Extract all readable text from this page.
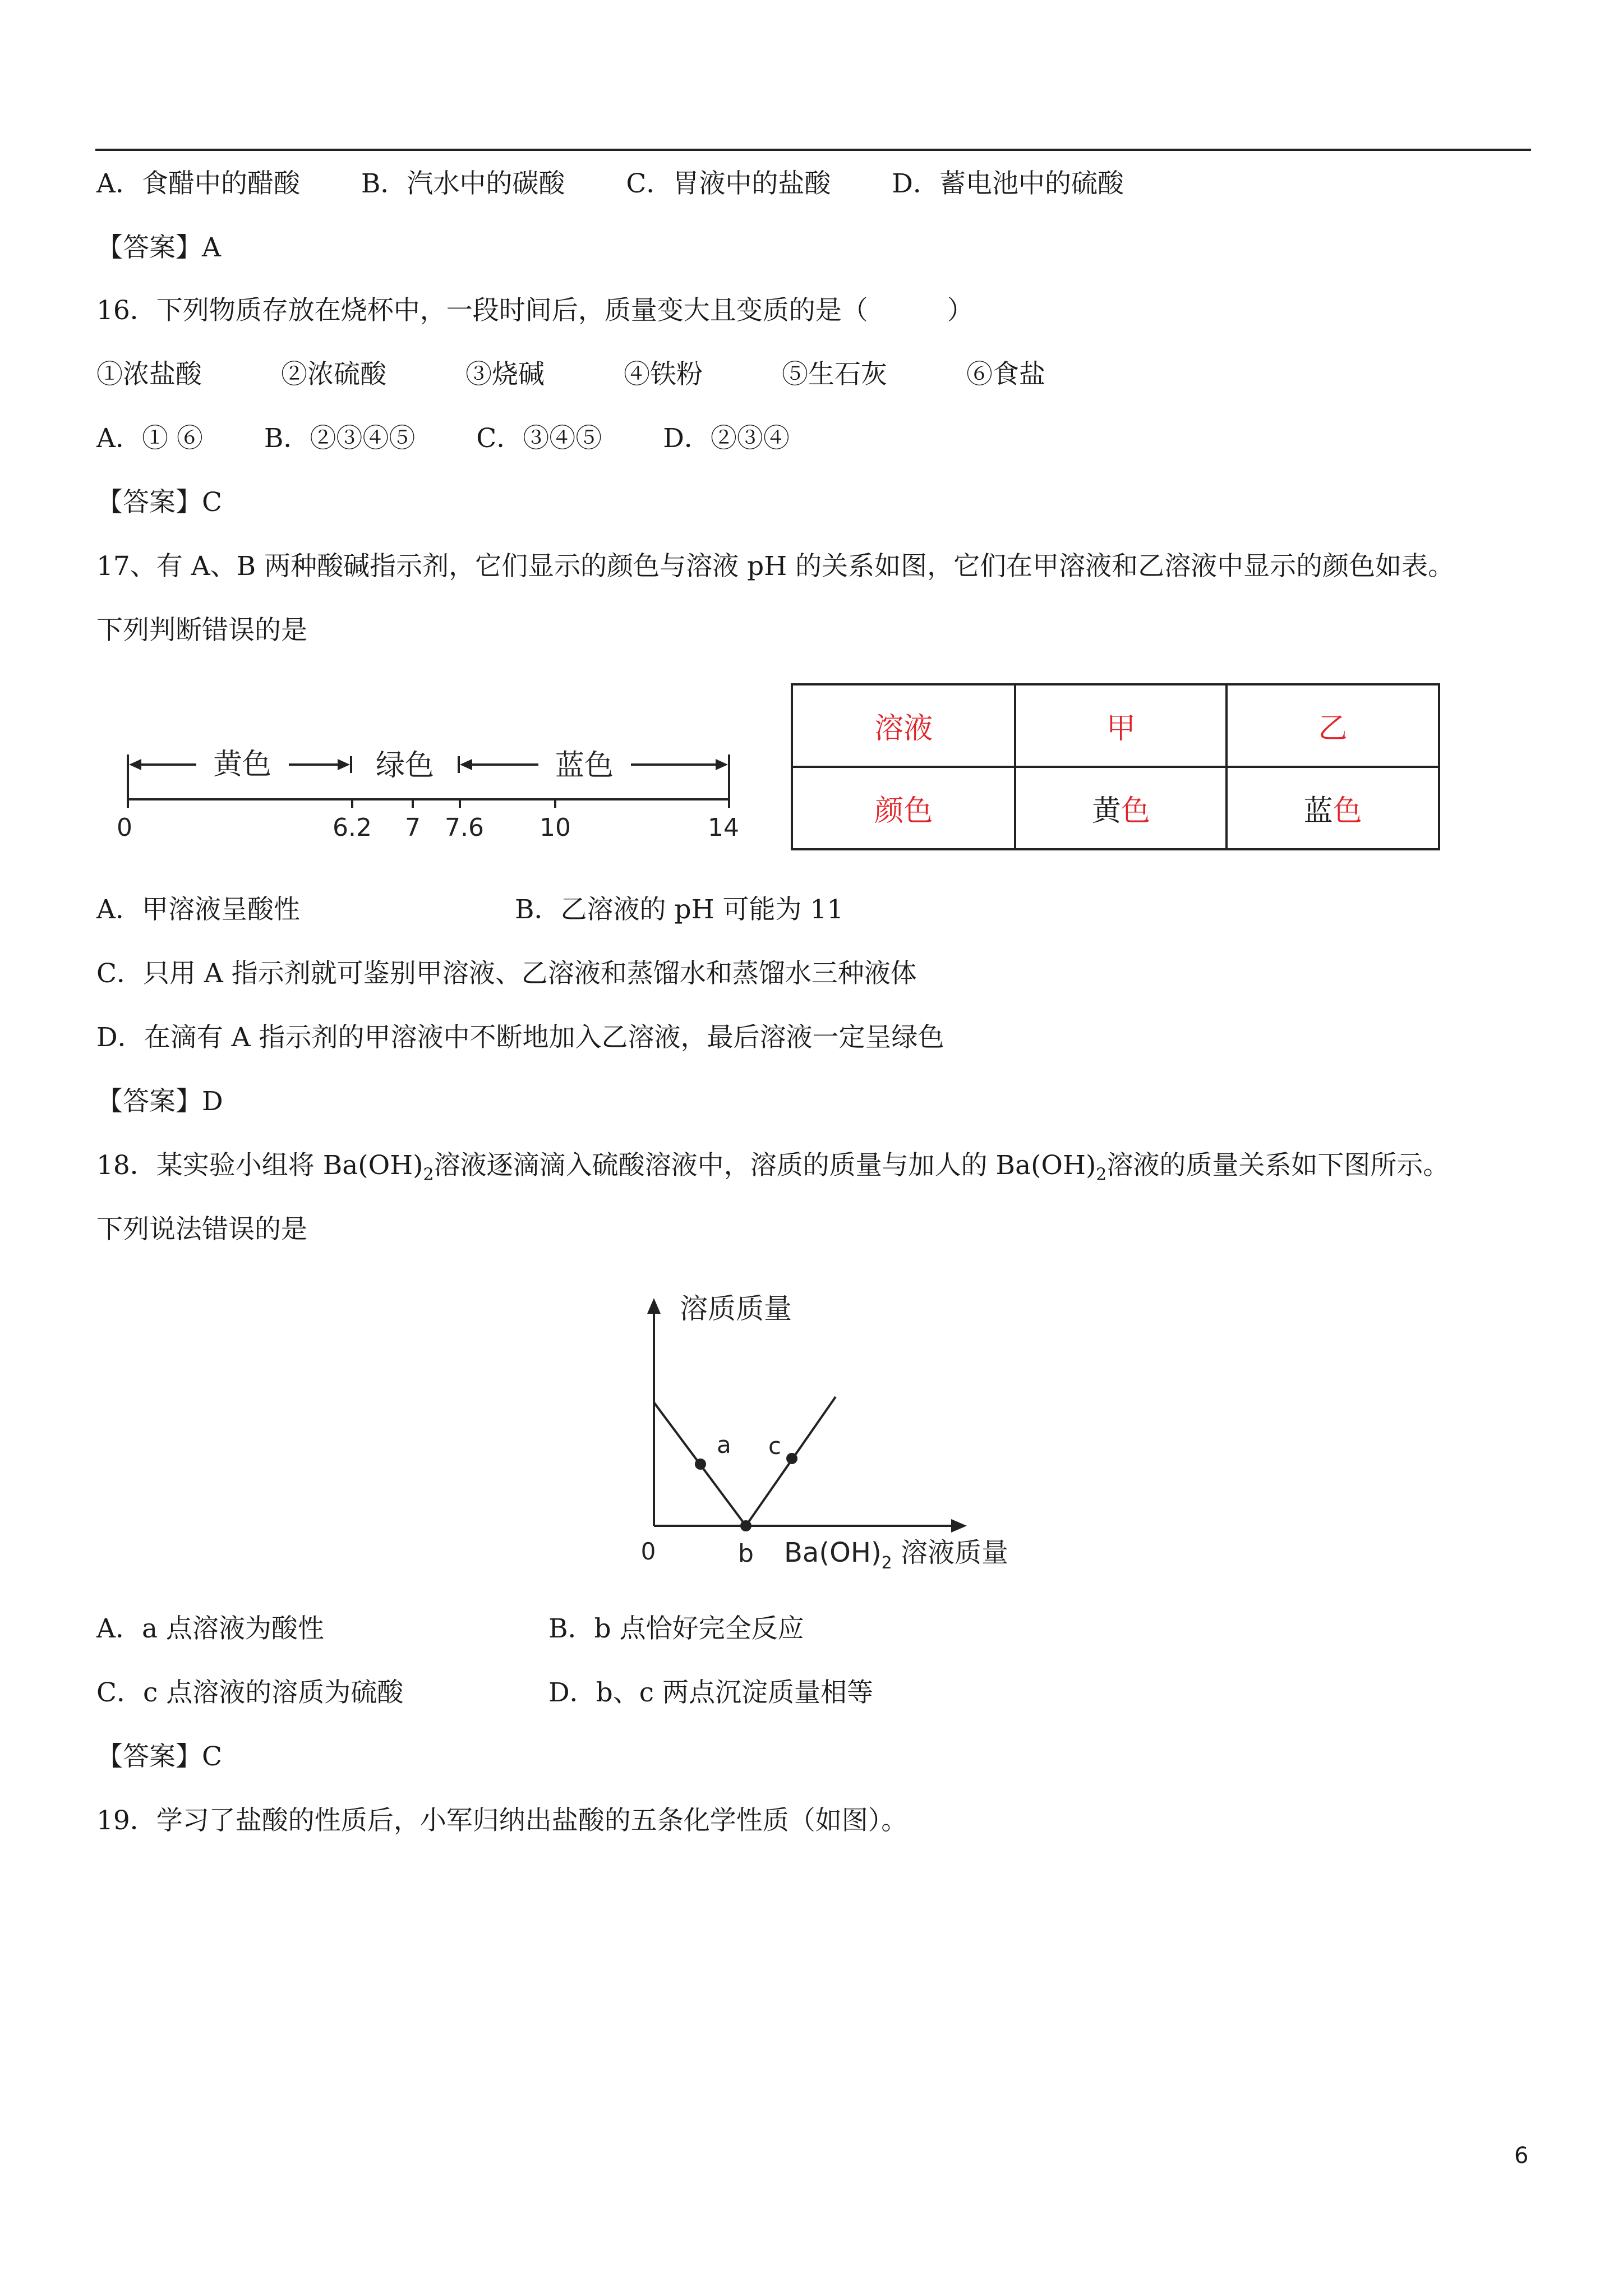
A．食醋中的醋酸　　 B．汽水中的碳酸　　 C．胃液中的盐酸　　 D．蓄电池中的硫酸
【答案】A
16．下列物质存放在烧杯中，一段时间后，质量变大且变质的是（　　　）
①浓盐酸　　　②浓硫酸　　　③烧碱　　　④铁粉　　　⑤生石灰　　　⑥食盐
A．① ⑥　　 B．②③④⑤　　 C．③④⑤　　 D．②③④
【答案】C
17、有 A、B 两种酸碱指示剂，它们显示的颜色与溶液 pH 的关系如图，它们在甲溶液和乙溶液中显示的颜色如表。
下列判断错误的是
黄色	绿色	蓝色
0	6.2 7 7.6 10	14
溶液	甲	乙
颜色	黄色	蓝色
A．甲溶液呈酸性	B．乙溶液的 pH 可能为 11
C．只用 A 指示剂就可鉴别甲溶液、乙溶液和蒸馏水和蒸馏水三种液体
D．在滴有 A 指示剂的甲溶液中不断地加入乙溶液，最后溶液一定呈绿色
【答案】D
18．某实验小组将 $Ba(OH)_2$溶液逐滴滴入硫酸溶液中，溶质的质量与加人的 $Ba(OH)_2$溶液的质量关系如下图所示。
下列说法错误的是
溶质质量
0
a
b
c
$Ba(OH)_2$ 溶液质量
A．a 点溶液为酸性	B．b 点恰好完全反应
C．c 点溶液的溶质为硫酸	D．b、c 两点沉淀质量相等
【答案】C
19．学习了盐酸的性质后，小军归纳出盐酸的五条化学性质（如图）。
6
